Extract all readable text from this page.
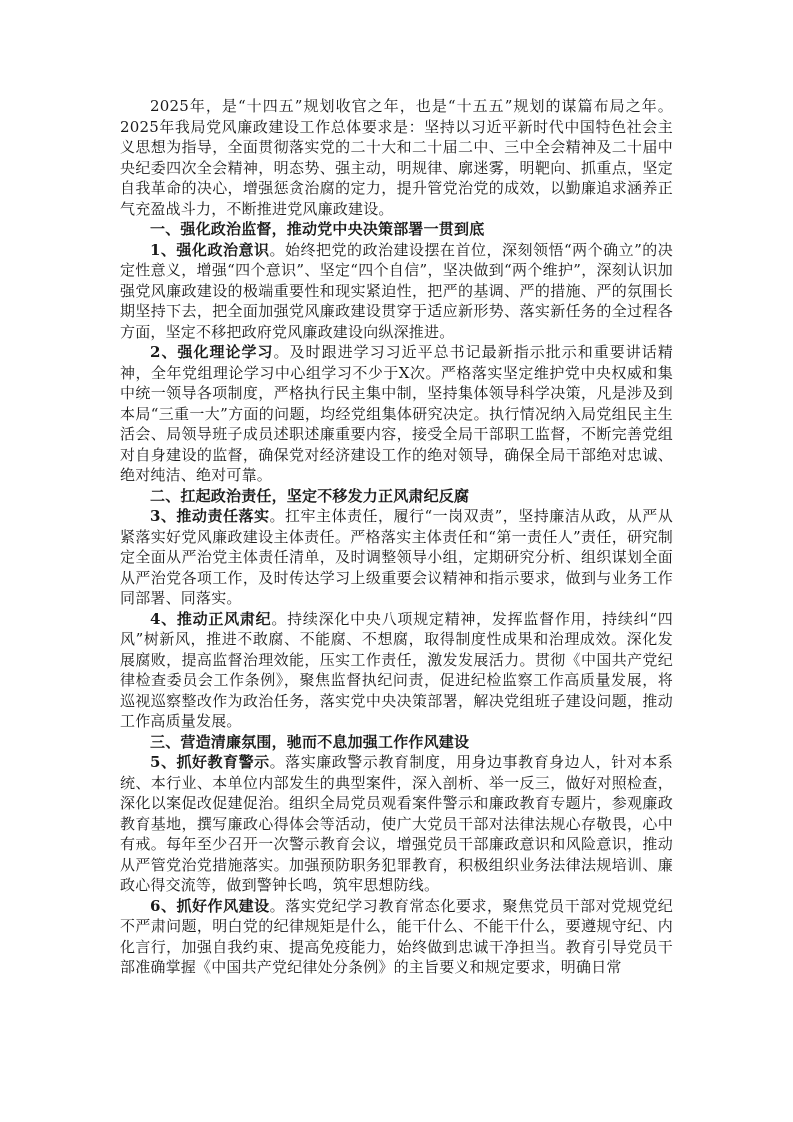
2025年，是“十四五”规划收官之年，也是“十五五”规划的谋篇布局之年。2025年我局党风廉政建设工作总体要求是：坚持以习近平新时代中国特色社会主义思想为指导，全面贯彻落实党的二十大和二十届二中、三中全会精神及二十届中央纪委四次全会精神，明态势、强主动，明规律、廓迷雾，明靶向、抓重点，坚定自我革命的决心，增强惩贪治腐的定力，提升管党治党的成效，以勤廉追求涵养正气充盈战斗力，不断推进党风廉政建设。

一、强化政治监督，推动党中央决策部署一贯到底

1、强化政治意识。始终把党的政治建设摆在首位，深刻领悟“两个确立”的决定性意义，增强“四个意识”、坚定“四个自信”，坚决做到“两个维护”，深刻认识加强党风廉政建设的极端重要性和现实紧迫性，把严的基调、严的措施、严的氛围长期坚持下去，把全面加强党风廉政建设贯穿于适应新形势、落实新任务的全过程各方面，坚定不移把政府党风廉政建设向纵深推进。

2、强化理论学习。及时跟进学习习近平总书记最新指示批示和重要讲话精神，全年党组理论学习中心组学习不少于X次。严格落实坚定维护党中央权威和集中统一领导各项制度，严格执行民主集中制，坚持集体领导科学决策，凡是涉及到本局“三重一大”方面的问题，均经党组集体研究决定。执行情况纳入局党组民主生活会、局领导班子成员述职述廉重要内容，接受全局干部职工监督，不断完善党组对自身建设的监督，确保党对经济建设工作的绝对领导，确保全局干部绝对忠诚、绝对纯洁、绝对可靠。

二、扛起政治责任，坚定不移发力正风肃纪反腐

3、推动责任落实。扛牢主体责任，履行“一岗双责”，坚持廉洁从政，从严从紧落实好党风廉政建设主体责任。严格落实主体责任和“第一责任人”责任，研究制定全面从严治党主体责任清单，及时调整领导小组，定期研究分析、组织谋划全面从严治党各项工作，及时传达学习上级重要会议精神和指示要求，做到与业务工作同部署、同落实。

4、推动正风肃纪。持续深化中央八项规定精神，发挥监督作用，持续纠“四风”树新风，推进不敢腐、不能腐、不想腐，取得制度性成果和治理成效。深化发展腐败，提高监督治理效能，压实工作责任，激发发展活力。贯彻《中国共产党纪律检查委员会工作条例》，聚焦监督执纪问责，促进纪检监察工作高质量发展，将巡视巡察整改作为政治任务，落实党中央决策部署，解决党组班子建设问题，推动工作高质量发展。

三、营造清廉氛围，驰而不息加强工作作风建设

5、抓好教育警示。落实廉政警示教育制度，用身边事教育身边人，针对本系统、本行业、本单位内部发生的典型案件，深入剖析、举一反三，做好对照检查，深化以案促改促建促治。组织全局党员观看案件警示和廉政教育专题片，参观廉政教育基地，撰写廉政心得体会等活动，使广大党员干部对法律法规心存敬畏，心中有戒。每年至少召开一次警示教育会议，增强党员干部廉政意识和风险意识，推动从严管党治党措施落实。加强预防职务犯罪教育，积极组织业务法律法规培训、廉政心得交流等，做到警钟长鸣，筑牢思想防线。

6、抓好作风建设。落实党纪学习教育常态化要求，聚焦党员干部对党规党纪不严肃问题，明白党的纪律规矩是什么，能干什么、不能干什么，要遵规守纪、内化言行，加强自我约束、提高免疫能力，始终做到忠诚干净担当。教育引导党员干部准确掌握《中国共产党纪律处分条例》的主旨要义和规定要求，明确日常
